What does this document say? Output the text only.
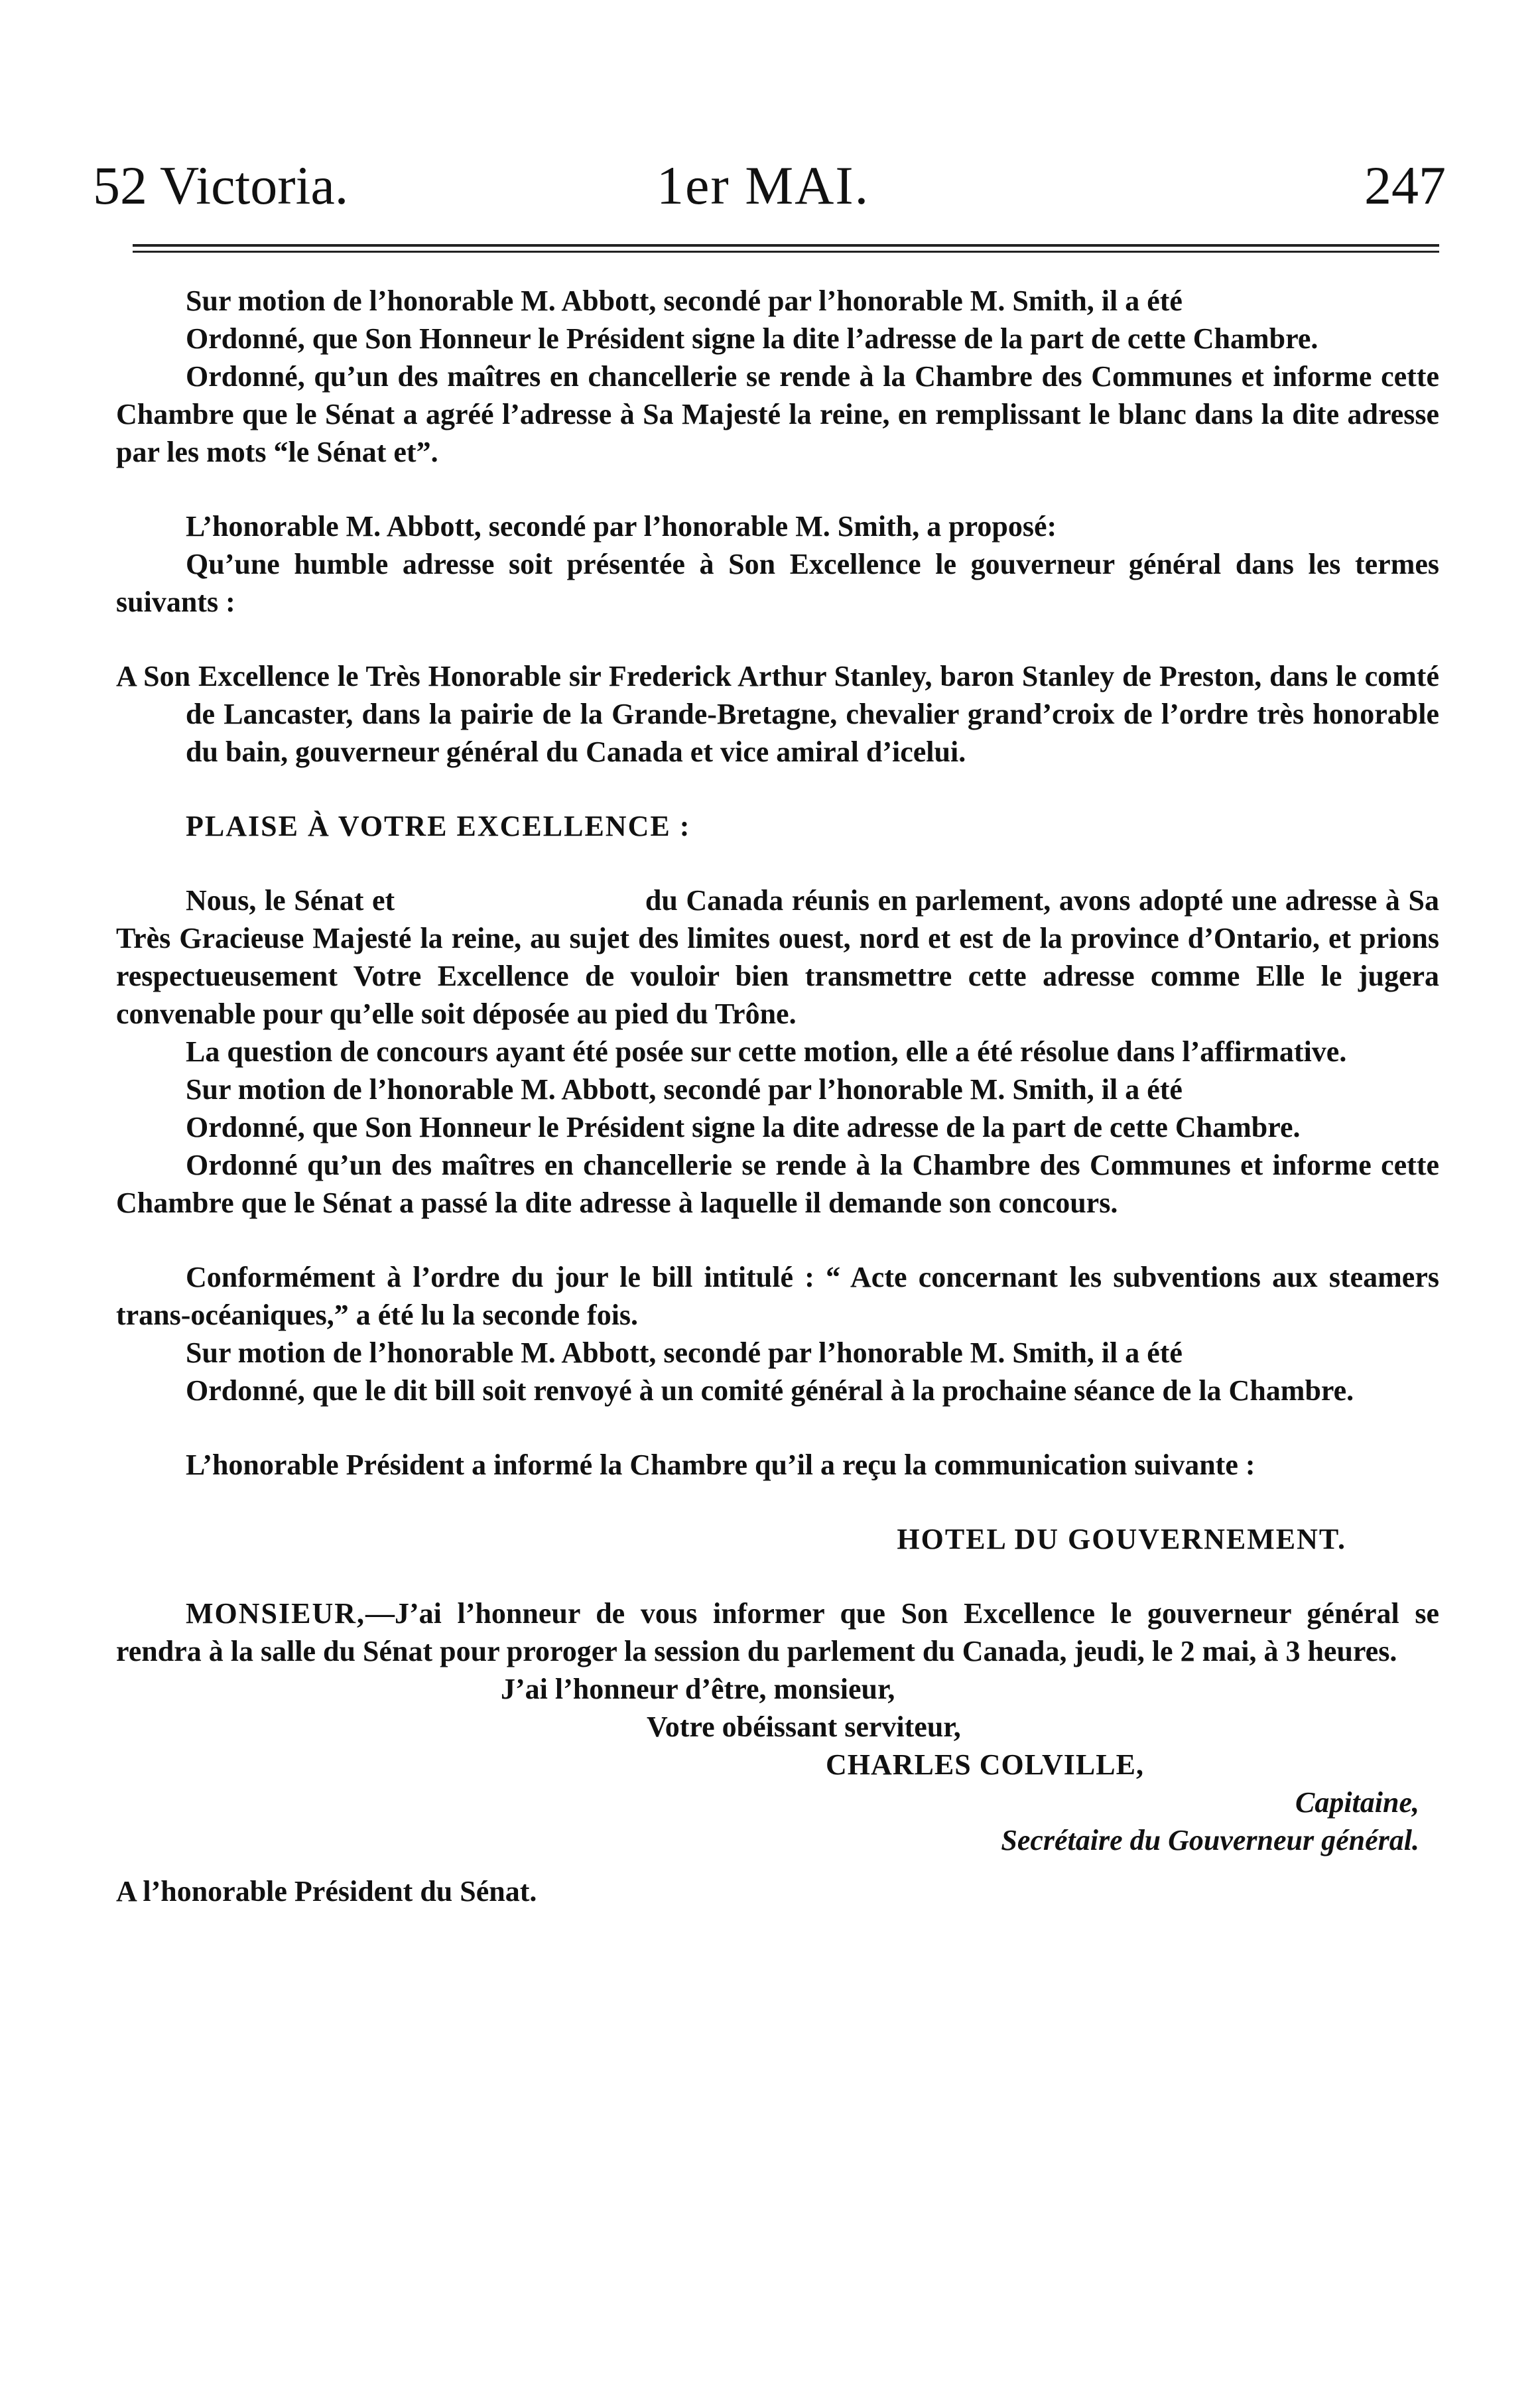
52 Victoria.	1er MAI.	247

Sur motion de l’honorable M. Abbott, secondé par l’honorable M. Smith, il a été

Ordonné, que Son Honneur le Président signe la dite l’adresse de la part de cette Chambre.

Ordonné, qu’un des maîtres en chancellerie se rende à la Chambre des Communes et informe cette Chambre que le Sénat a agréé l’adresse à Sa Majesté la reine, en remplissant le blanc dans la dite adresse par les mots “le Sénat et”.

L’honorable M. Abbott, secondé par l’honorable M. Smith, a proposé:

Qu’une humble adresse soit présentée à Son Excellence le gouverneur général dans les termes suivants :

A Son Excellence le Très Honorable sir Frederick Arthur Stanley, baron Stanley de Preston, dans le comté de Lancaster, dans la pairie de la Grande-Bretagne, chevalier grand’croix de l’ordre très honorable du bain, gouverneur général du Canada et vice amiral d’icelui.

PLAISE À VOTRE EXCELLENCE :

Nous, le Sénat et                              du Canada réunis en parlement, avons adopté une adresse à Sa Très Gracieuse Majesté la reine, au sujet des limites ouest, nord et est de la province d’Ontario, et prions respectueusement Votre Excellence de vouloir bien transmettre cette adresse comme Elle le jugera convenable pour qu’elle soit déposée au pied du Trône.

La question de concours ayant été posée sur cette motion, elle a été résolue dans l’affirmative.

Sur motion de l’honorable M. Abbott, secondé par l’honorable M. Smith, il a été

Ordonné, que Son Honneur le Président signe la dite adresse de la part de cette Chambre.

Ordonné qu’un des maîtres en chancellerie se rende à la Chambre des Communes et informe cette Chambre que le Sénat a passé la dite adresse à laquelle il demande son concours.

Conformément à l’ordre du jour le bill intitulé : “ Acte concernant les subventions aux steamers trans-océaniques,” a été lu la seconde fois.

Sur motion de l’honorable M. Abbott, secondé par l’honorable M. Smith, il a été

Ordonné, que le dit bill soit renvoyé à un comité général à la prochaine séance de la Chambre.

L’honorable Président a informé la Chambre qu’il a reçu la communication suivante :

HOTEL DU GOUVERNEMENT.

MONSIEUR,—J’ai l’honneur de vous informer que Son Excellence le gouverneur général se rendra à la salle du Sénat pour proroger la session du parlement du Canada, jeudi, le 2 mai, à 3 heures.

J’ai l’honneur d’être, monsieur,

Votre obéissant serviteur,

CHARLES COLVILLE,

Capitaine,

Secrétaire du Gouverneur général.

A l’honorable Président du Sénat.
